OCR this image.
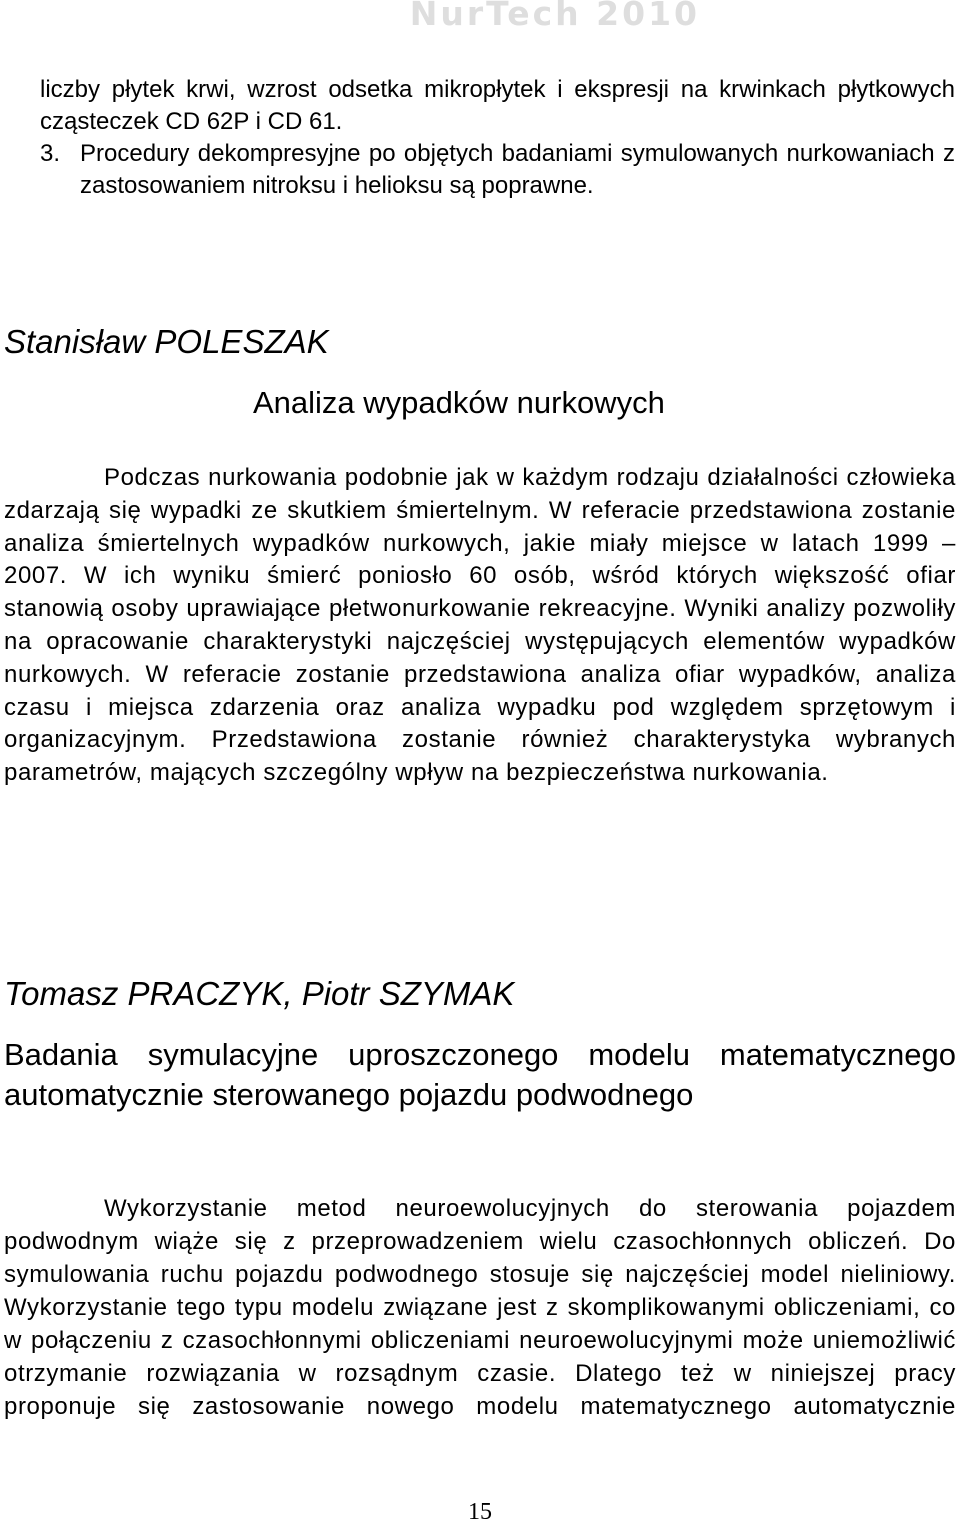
NurTech 2010

liczby płytek krwi, wzrost odsetka mikropłytek i ekspresji na krwinkach płytkowych cząsteczek CD 62P i CD 61.

3. Procedury dekompresyjne po objętych badaniami symulowanych nurkowaniach z zastosowaniem nitroksu i helioksu są poprawne.

Stanisław POLESZAK
Analiza wypadków nurkowych

Podczas nurkowania podobnie jak w każdym rodzaju działalności człowieka zdarzają się wypadki ze skutkiem śmiertelnym. W referacie przedstawiona zostanie analiza śmiertelnych wypadków nurkowych, jakie miały miejsce w latach 1999 – 2007. W ich wyniku śmierć poniosło 60 osób, wśród których większość ofiar stanowią osoby uprawiające płetwonurkowanie rekreacyjne. Wyniki analizy pozwoliły na opracowanie charakterystyki najczęściej występujących elementów wypadków nurkowych. W referacie zostanie przedstawiona analiza ofiar wypadków, analiza czasu i miejsca zdarzenia oraz analiza wypadku pod względem sprzętowym i organizacyjnym. Przedstawiona zostanie również charakterystyka wybranych parametrów, mających szczególny wpływ na bezpieczeństwa nurkowania.

Tomasz PRACZYK, Piotr SZYMAK

Badania symulacyjne uproszczonego modelu matematycznego automatycznie sterowanego pojazdu podwodnego

Wykorzystanie metod neuroewolucyjnych do sterowania pojazdem podwodnym wiąże się z przeprowadzeniem wielu czasochłonnych obliczeń. Do symulowania ruchu pojazdu podwodnego stosuje się najczęściej model nieliniowy. Wykorzystanie tego typu modelu związane jest z skomplikowanymi obliczeniami, co w połączeniu z czasochłonnymi obliczeniami neuroewolucyjnymi może uniemożliwić otrzymanie rozwiązania w rozsądnym czasie. Dlatego też w niniejszej pracy proponuje się zastosowanie nowego modelu matematycznego automatycznie

15
